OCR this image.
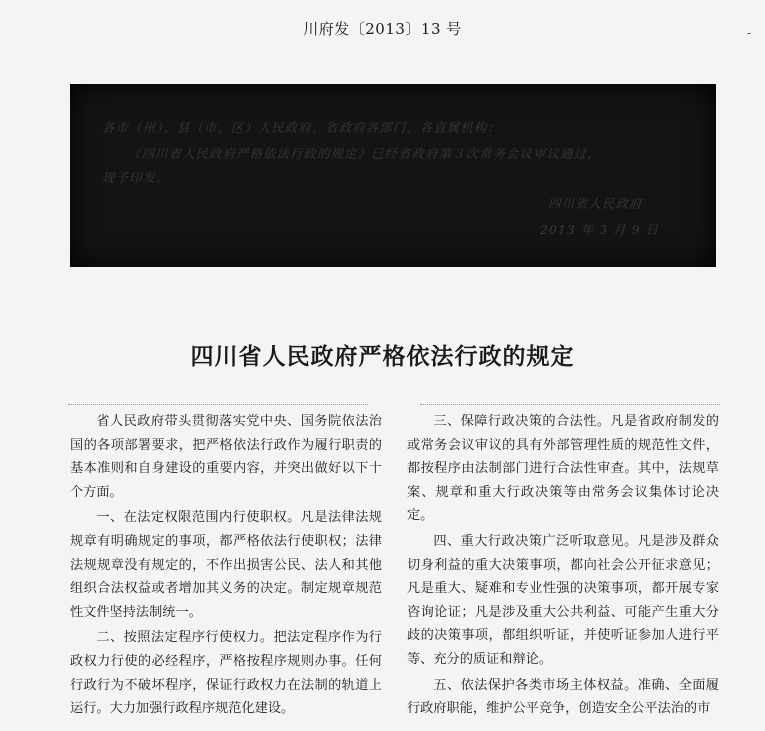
川府发〔2013〕13 号	-
各市（州）、县（市、区）人民政府，省政府各部门、各直属机构：
《四川省人民政府严格依法行政的规定》已经省政府第３次常务会议审议通过，
现予印发。
四川省人民政府
2013 年 3 月 9 日
四川省人民政府严格依法行政的规定

省人民政府带头贯彻落实党中央、国务院依法治国的各项部署要求，把严格依法行政作为履行职责的基本准则和自身建设的重要内容，并突出做好以下十个方面。

一、在法定权限范围内行使职权。凡是法律法规规章有明确规定的事项，都严格依法行使职权；法律法规规章没有规定的，不作出损害公民、法人和其他组织合法权益或者增加其义务的决定。制定规章规范性文件坚持法制统一。

二、按照法定程序行使权力。把法定程序作为行政权力行使的必经程序，严格按程序规则办事。任何行政行为不破坏程序，保证行政权力在法制的轨道上运行。大力加强行政程序规范化建设。

三、保障行政决策的合法性。凡是省政府制发的或常务会议审议的具有外部管理性质的规范性文件，都按程序由法制部门进行合法性审查。其中，法规草案、规章和重大行政决策等由常务会议集体讨论决定。

四、重大行政决策广泛听取意见。凡是涉及群众切身利益的重大决策事项，都向社会公开征求意见；凡是重大、疑难和专业性强的决策事项，都开展专家咨询论证；凡是涉及重大公共利益、可能产生重大分歧的决策事项，都组织听证，并使听证参加人进行平等、充分的质证和辩论。

五、依法保护各类市场主体权益。准确、全面履行政府职能，维护公平竞争，创造安全公平法治的市
